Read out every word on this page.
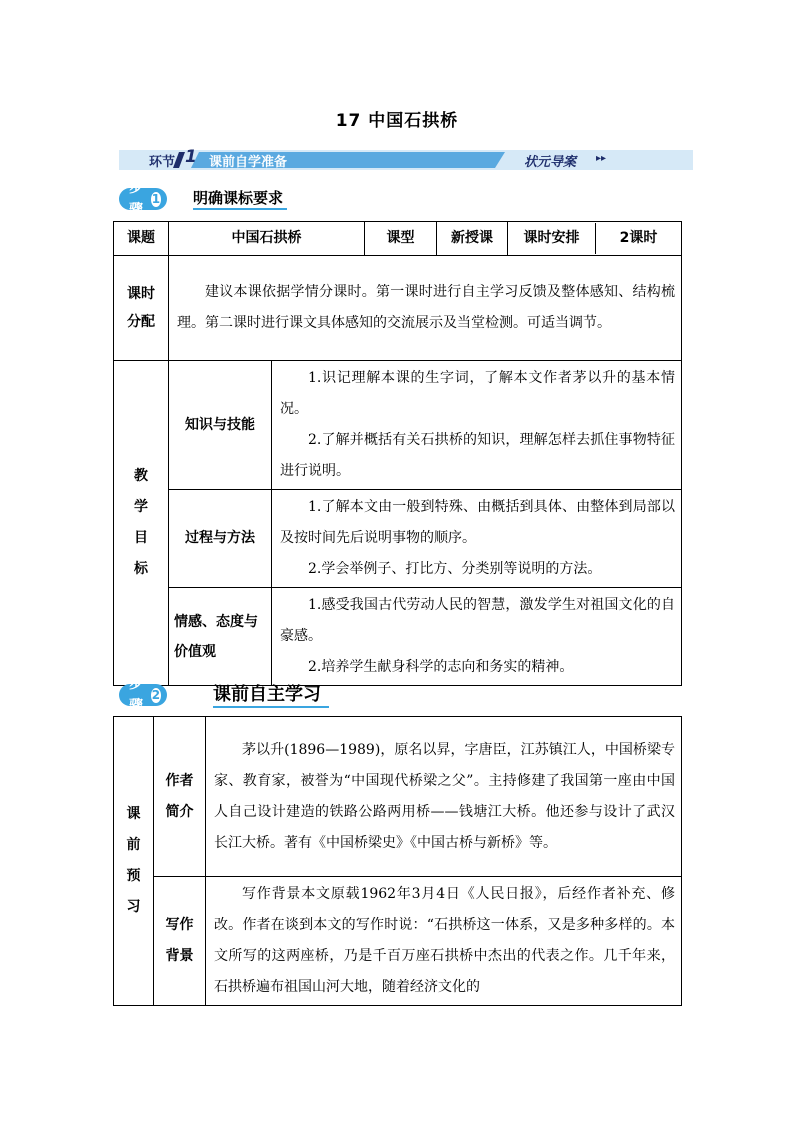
17 中国石拱桥
环节 1 课前自学准备	状元导案 ▸▸
步骤
1 明确课标要求
课题	中国石拱桥		课型	新授课	课时安排 2课时

课时分配	建议本课依据学情分课时。第一课时进行自主学习反馈及整体感知、结构梳理。第二课时进行课文具体感知的交流展示及当堂检测。可适当调节。				

教学目标	知识与技能	1.识记理解本课的生字词，了解本文作者茅以升的基本情况。

2.了解并概括有关石拱桥的知识，理解怎样去抓住事物特征进行说明。			

	过程与方法	1.了解本文由一般到特殊、由概括到具体、由整体到局部以及按时间先后说明事物的顺序。

2.学会举例子、打比方、分类别等说明的方法。			

	情感、态度与价值观	1.感受我国古代劳动人民的智慧，激发学生对祖国文化的自豪感。

2.培养学生献身科学的志向和务实的精神。			

步骤
2	课前自主学习
课前预习	作者简介	茅以升(1896—1989)，原名以昇，字唐臣，江苏镇江人，中国桥梁专家、教育家，被誉为“中国现代桥梁之父”。主持修建了我国第一座由中国人自己设计建造的铁路公路两用桥——钱塘江大桥。他还参与设计了武汉长江大桥。著有《中国桥梁史》《中国古桥与新桥》等。

	写作背景	写作背景本文原载1962年3月4日《人民日报》，后经作者补充、修改。作者在谈到本文的写作时说：“石拱桥这一体系，又是多种多样的。本文所写的这两座桥，乃是千百万座石拱桥中杰出的代表之作。几千年来，石拱桥遍布祖国山河大地，随着经济文化的
